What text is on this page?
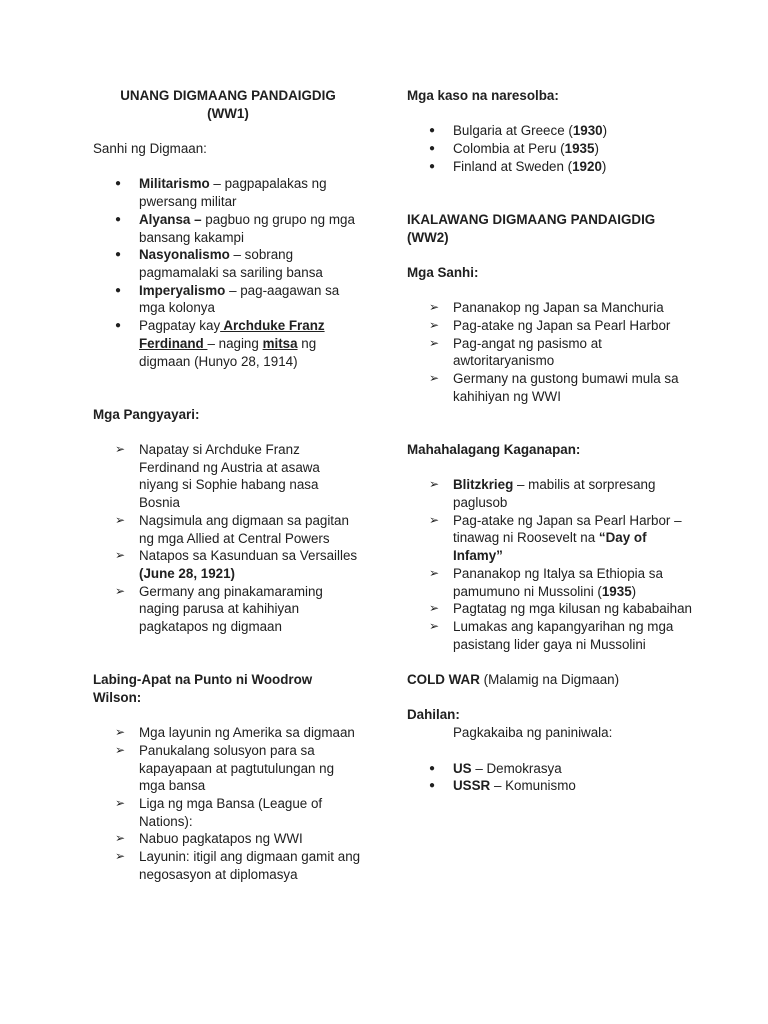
UNANG DIGMAANG PANDAIGDIG
(WW1)

Sanhi ng Digmaan:

●	Militarismo – pagpapalakas ng pwersang militar
●	Alyansa – pagbuo ng grupo ng mga bansang kakampi
●	Nasyonalismo – sobrang pagmamalaki sa sariling bansa
●	Imperyalismo – pag-aagawan sa mga kolonya
●	Pagpatay kay Archduke Franz Ferdinand – naging mitsa ng digmaan (Hunyo 28, 1914)

Mga Pangyayari:

➢	Napatay si Archduke Franz Ferdinand ng Austria at asawa niyang si Sophie habang nasa Bosnia
➢	Nagsimula ang digmaan sa pagitan ng mga Allied at Central Powers
➢	Natapos sa Kasunduan sa Versailles (June 28, 1921)
➢	Germany ang pinakamaraming naging parusa at kahihiyan pagkatapos ng digmaan

Labing-Apat na Punto ni Woodrow Wilson:

➢	Mga layunin ng Amerika sa digmaan
➢	Panukalang solusyon para sa kapayapaan at pagtutulungan ng mga bansa
➢	Liga ng mga Bansa (League of Nations):
➢	Nabuo pagkatapos ng WWI
➢	Layunin: itigil ang digmaan gamit ang negosasyon at diplomasya

Mga kaso na naresolba:

●	Bulgaria at Greece (1930)
●	Colombia at Peru (1935)
●	Finland at Sweden (1920)

IKALAWANG DIGMAANG PANDAIGDIG (WW2)

Mga Sanhi:

➢	Pananakop ng Japan sa Manchuria
➢	Pag-atake ng Japan sa Pearl Harbor
➢	Pag-angat ng pasismo at awtoritaryanismo
➢	Germany na gustong bumawi mula sa kahihiyan ng WWI

Mahahalagang Kaganapan:

➢	Blitzkrieg – mabilis at sorpresang paglusob
➢	Pag-atake ng Japan sa Pearl Harbor – tinawag ni Roosevelt na “Day of Infamy”
➢	Pananakop ng Italya sa Ethiopia sa pamumuno ni Mussolini (1935)
➢	Pagtatag ng mga kilusan ng kababaihan
➢	Lumakas ang kapangyarihan ng mga pasistang lider gaya ni Mussolini

COLD WAR (Malamig na Digmaan)

Dahilan:

Pagkakaiba ng paniniwala:

●	US – Demokrasya
●	USSR – Komunismo
